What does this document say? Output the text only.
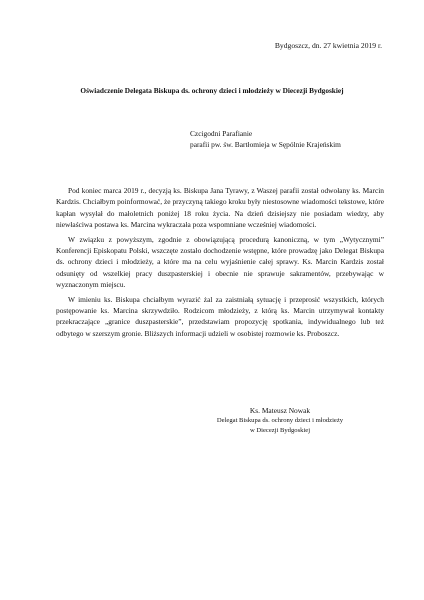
Bydgoszcz, dn. 27 kwietnia 2019 r.
Oświadczenie Delegata Biskupa ds. ochrony dzieci i młodzieży w Diecezji Bydgoskiej
Czcigodni Parafianie
parafii pw. św. Bartłomieja w Sępólnie Krajeńskim

Pod koniec marca 2019 r., decyzją ks. Biskupa Jana Tyrawy, z Waszej parafii został odwołany ks. Marcin Kardzis. Chciałbym poinformować, że przyczyną takiego kroku były niestosowne wiadomości tekstowe, które kapłan wysyłał do małoletnich poniżej 18 roku życia. Na dzień dzisiejszy nie posiadam wiedzy, aby niewłaściwa postawa ks. Marcina wykraczała poza wspomniane wcześniej wiadomości.

W związku z powyższym, zgodnie z obowiązującą procedurą kanoniczną, w tym „Wytycznymi” Konferencji Episkopatu Polski, wszczęte zostało dochodzenie wstępne, które prowadzę jako Delegat Biskupa ds. ochrony dzieci i młodzieży, a które ma na celu wyjaśnienie całej sprawy. Ks. Marcin Kardzis został odsunięty od wszelkiej pracy duszpasterskiej i obecnie nie sprawuje sakramentów, przebywając w wyznaczonym miejscu.

W imieniu ks. Biskupa chciałbym wyrazić żal za zaistniałą sytuację i przeprosić wszystkich, których postępowanie ks. Marcina skrzywdziło. Rodzicom młodzieży, z którą ks. Marcin utrzymywał kontakty przekraczające „granice duszpasterskie”, przedstawiam propozycję spotkania, indywidualnego lub też odbytego w szerszym gronie. Bliższych informacji udzieli w osobistej rozmowie ks. Proboszcz.

Ks. Mateusz Nowak
Delegat Biskupa ds. ochrony dzieci i młodzieży
w Diecezji Bydgoskiej
